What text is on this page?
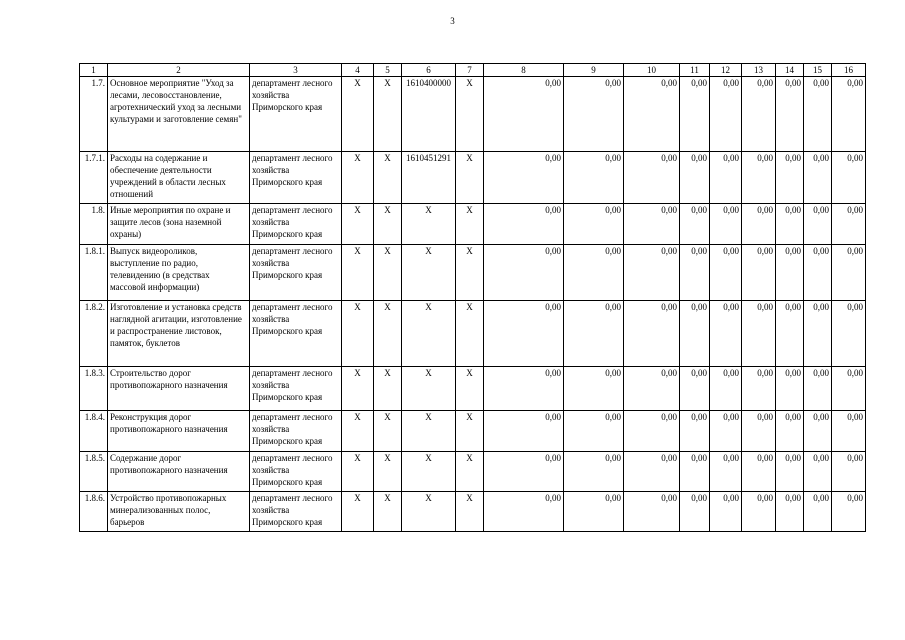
3
1	2	3	4	5	6	7	8	9	10	11	12	13	14	15	16
1.7.	Основное мероприятие "Уход за лесами, лесовосстановление, агротехнический уход за лесными культурами и заготовление семян"	департамент лесного хозяйства Приморского края	X	X	1610400000	X	0,00	0,00	0,00	0,00	0,00	0,00	0,00	0,00	0,00
1.7.1.	Расходы на содержание и обеспечение деятельности учреждений в области лесных отношений	департамент лесного хозяйства Приморского края	X	X	1610451291	X	0,00	0,00	0,00	0,00	0,00	0,00	0,00	0,00	0,00
1.8.	Иные мероприятия по охране и защите лесов (зона наземной охраны)	департамент лесного хозяйства Приморского края	X	X	X	X	0,00	0,00	0,00	0,00	0,00	0,00	0,00	0,00	0,00
1.8.1.	Выпуск видеороликов, выступление по радио, телевидению (в средствах массовой информации)	департамент лесного хозяйства Приморского края	X	X	X	X	0,00	0,00	0,00	0,00	0,00	0,00	0,00	0,00	0,00
1.8.2.	Изготовление и установка средств наглядной агитации, изготовление и распространение листовок, памяток, буклетов	департамент лесного хозяйства Приморского края	X	X	X	X	0,00	0,00	0,00	0,00	0,00	0,00	0,00	0,00	0,00
1.8.3.	Строительство дорог противопожарного назначения	департамент лесного хозяйства Приморского края	X	X	X	X	0,00	0,00	0,00	0,00	0,00	0,00	0,00	0,00	0,00
1.8.4.	Реконструкция дорог противопожарного назначения	департамент лесного хозяйства Приморского края	X	X	X	X	0,00	0,00	0,00	0,00	0,00	0,00	0,00	0,00	0,00
1.8.5.	Содержание дорог противопожарного назначения	департамент лесного хозяйства Приморского края	X	X	X	X	0,00	0,00	0,00	0,00	0,00	0,00	0,00	0,00	0,00
1.8.6.	Устройство противопожарных минерализованных полос, барьеров	департамент лесного хозяйства Приморского края	X	X	X	X	0,00	0,00	0,00	0,00	0,00	0,00	0,00	0,00	0,00
